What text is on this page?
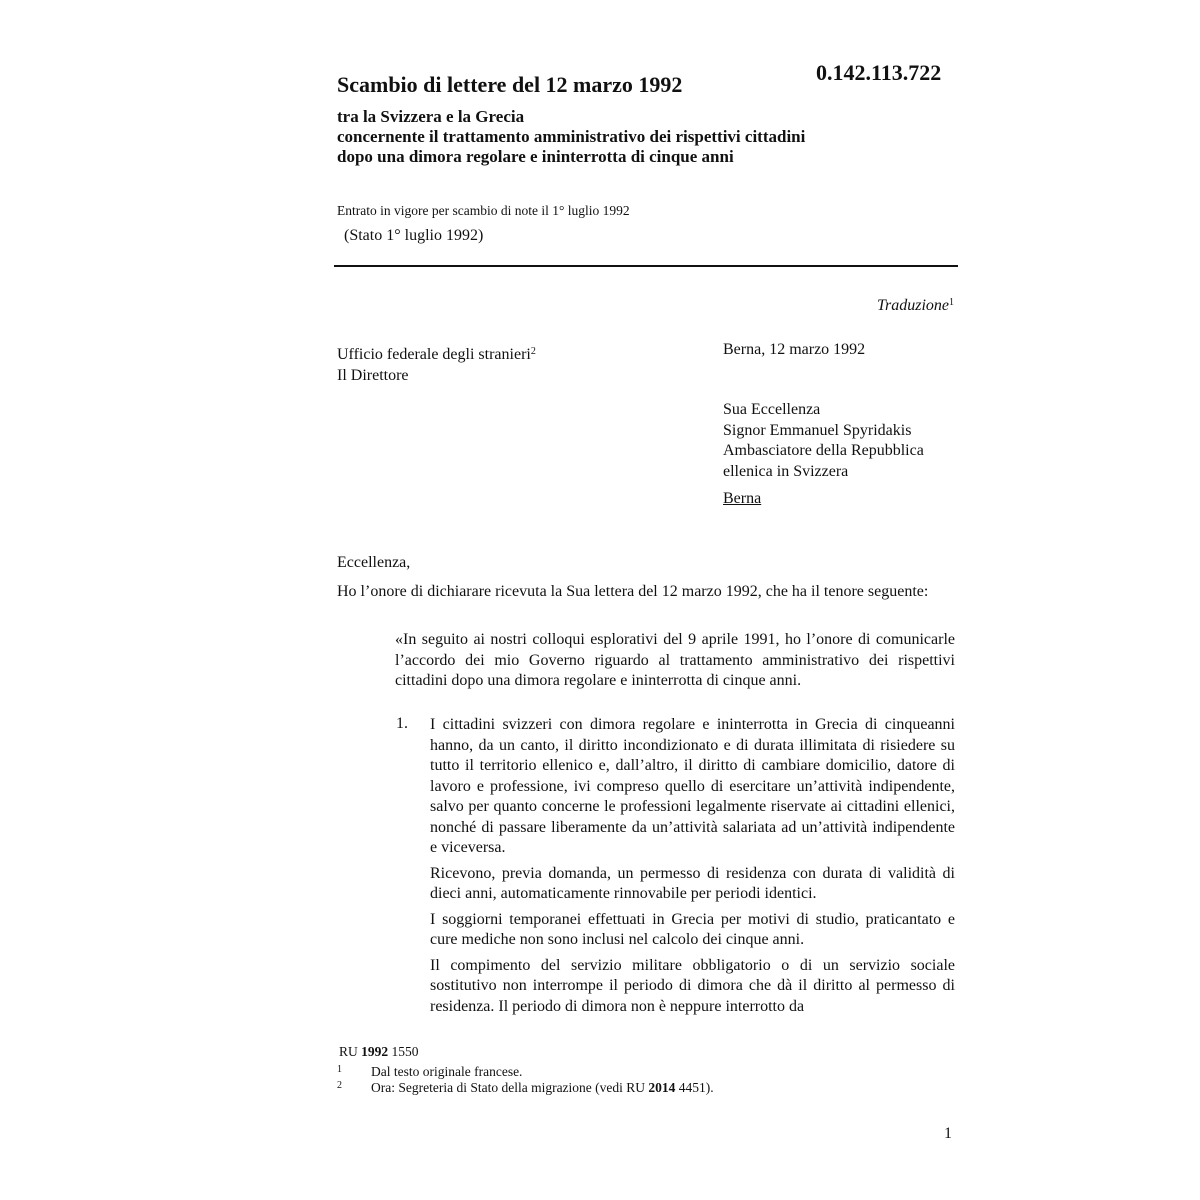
0.142.113.722
Scambio di lettere del 12 marzo 1992
tra la Svizzera e la Grecia
concernente il trattamento amministrativo dei rispettivi cittadini
dopo una dimora regolare e ininterrotta di cinque anni
Entrato in vigore per scambio di note il 1° luglio 1992
(Stato 1° luglio 1992)
Traduzione$^1$
Ufficio federale degli stranieri$^2$
Il Direttore
Berna, 12 marzo 1992
Sua Eccellenza
Signor Emmanuel Spyridakis
Ambasciatore della Repubblica
ellenica in Svizzera
Berna
Eccellenza,
Ho l’onore di dichiarare ricevuta la Sua lettera del 12 marzo 1992, che ha il tenore seguente:
«In seguito ai nostri colloqui esplorativi del 9 aprile 1991, ho l’onore di comunicarle l’accordo dei mio Governo riguardo al trattamento amministrativo dei rispettivi cittadini dopo una dimora regolare e ininterrotta di cinque anni.
1. I cittadini svizzeri con dimora regolare e ininterrotta in Grecia di cinqueanni hanno, da un canto, il diritto incondizionato e di durata illimitata di risiedere su tutto il territorio ellenico e, dall’altro, il diritto di cambiare domicilio, datore di lavoro e professione, ivi compreso quello di esercitare un’attività indipendente, salvo per quanto concerne le professioni legalmente riservate ai cittadini ellenici, nonché di passare liberamente da un’attività salariata ad un’attività indipendente e viceversa.

Ricevono, previa domanda, un permesso di residenza con durata di validità di dieci anni, automaticamente rinnovabile per periodi identici.

I soggiorni temporanei effettuati in Grecia per motivi di studio, praticantato e cure mediche non sono inclusi nel calcolo dei cinque anni.

Il compimento del servizio militare obbligatorio o di un servizio sociale sostitutivo non interrompe il periodo di dimora che dà il diritto al permesso di residenza. Il periodo di dimora non è neppure interrotto da

RU 1992 1550
1	Dal testo originale francese.
2	Ora: Segreteria di Stato della migrazione (vedi RU 2014 4451).
1
